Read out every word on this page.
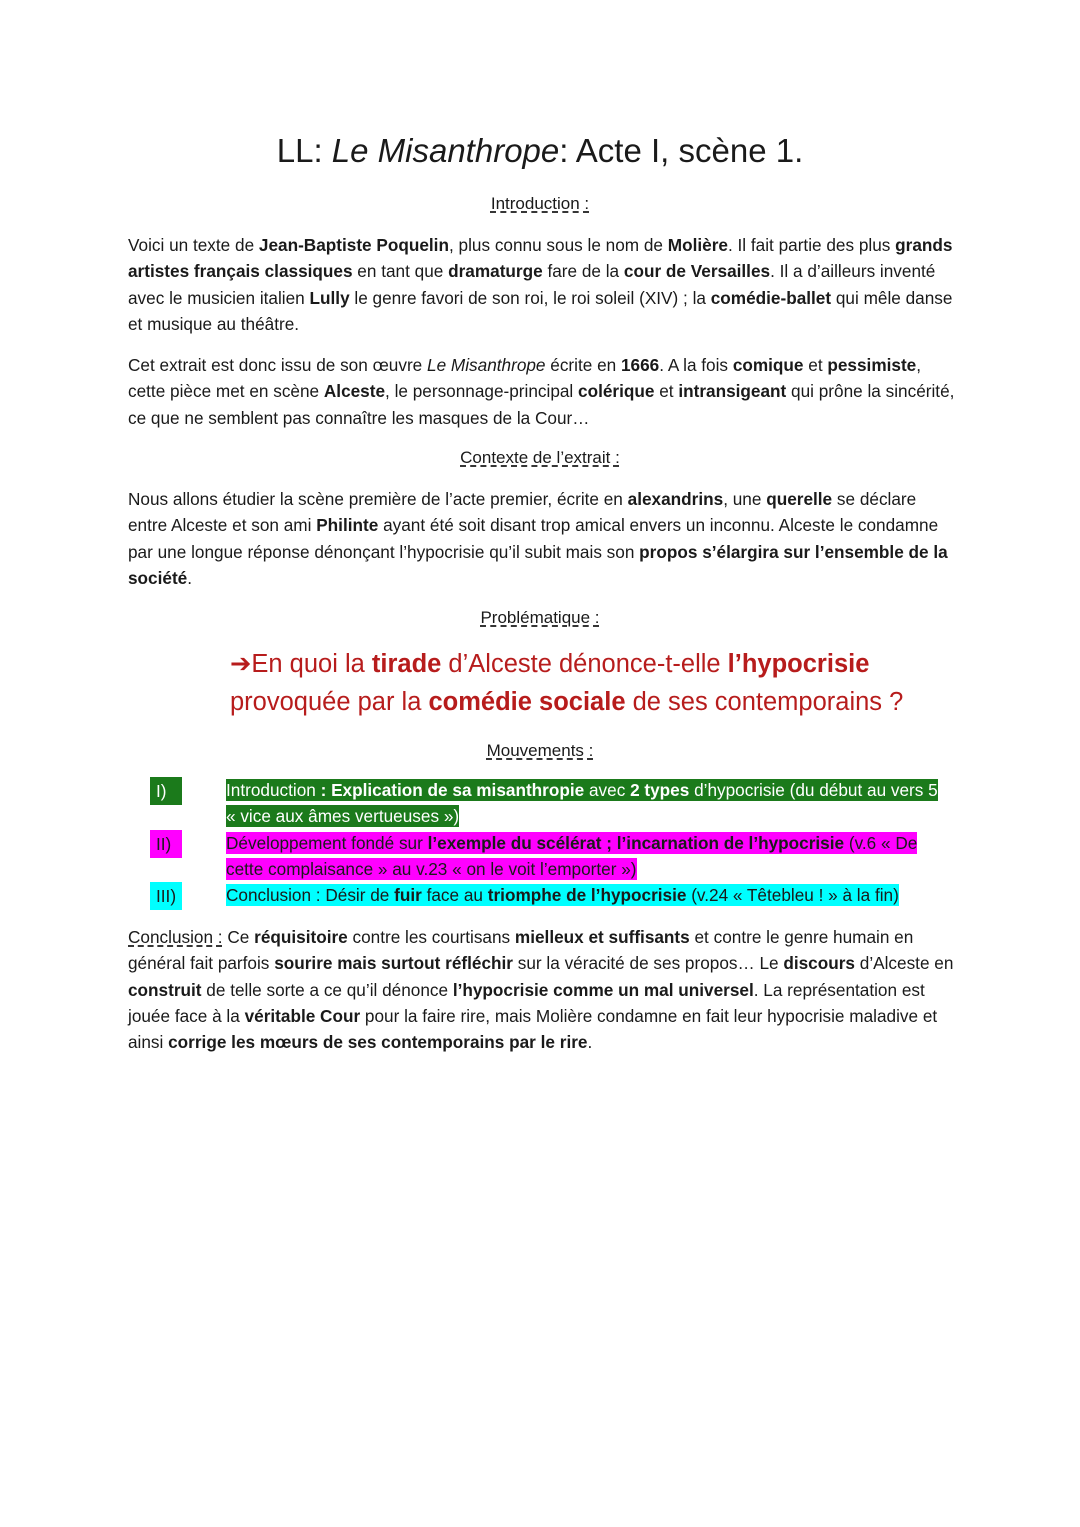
LL: Le Misanthrope: Acte I, scène 1.
Introduction :

Voici un texte de Jean-Baptiste Poquelin, plus connu sous le nom de Molière. Il fait partie des plus grands artistes français classiques en tant que dramaturge fare de la cour de Versailles. Il a d’ailleurs inventé avec le musicien italien Lully le genre favori de son roi, le roi soleil (XIV) ; la comédie-ballet qui mêle danse et musique au théâtre.

Cet extrait est donc issu de son œuvre Le Misanthrope écrite en 1666. A la fois comique et pessimiste, cette pièce met en scène Alceste, le personnage-principal colérique et intransigeant qui prône la sincérité, ce que ne semblent pas connaître les masques de la Cour…

Contexte de l’extrait :

Nous allons étudier la scène première de l’acte premier, écrite en alexandrins, une querelle se déclare entre Alceste et son ami Philinte ayant été soit disant trop amical envers un inconnu. Alceste le condamne par une longue réponse dénonçant l’hypocrisie qu’il subit mais son propos s’élargira sur l’ensemble de la société.

Problématique :
➔En quoi la tirade d’Alceste dénonce-t-elle l’hypocrisie provoquée par la comédie sociale de ses contemporains ?
Mouvements :
I)	Introduction : Explication de sa misanthropie avec 2 types d’hypocrisie (du début au vers 5 « vice aux âmes vertueuses »)
II)	Développement fondé sur l’exemple du scélérat ; l’incarnation de l’hypocrisie (v.6 « De cette complaisance » au v.23 « on le voit l’emporter »)
III)	Conclusion : Désir de fuir face au triomphe de l’hypocrisie (v.24 « Têtebleu ! » à la fin)

Conclusion : Ce réquisitoire contre les courtisans mielleux et suffisants et contre le genre humain en général fait parfois sourire mais surtout réfléchir sur la véracité de ses propos… Le discours d’Alceste en construit de telle sorte a ce qu’il dénonce l’hypocrisie comme un mal universel. La représentation est jouée face à la véritable Cour pour la faire rire, mais Molière condamne en fait leur hypocrisie maladive et ainsi corrige les mœurs de ses contemporains par le rire.
